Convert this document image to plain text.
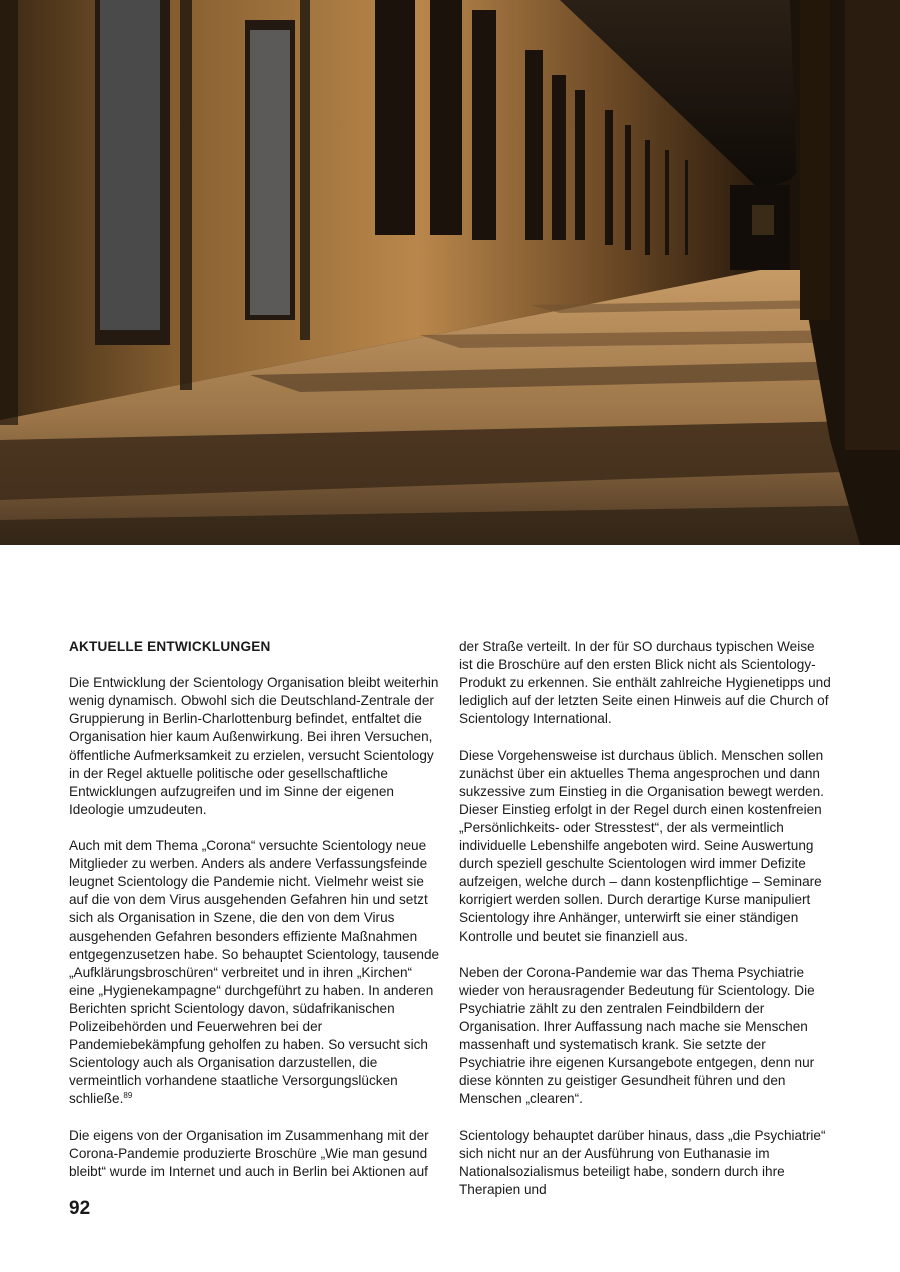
AKTUELLE ENTWICKLUNGEN

Die Entwicklung der Scientology Organisation bleibt weiterhin wenig dynamisch. Obwohl sich die Deutschland-Zentrale der Gruppierung in Berlin-Charlottenburg befindet, entfaltet die Organisation hier kaum Außenwirkung. Bei ihren Versuchen, öffentliche Aufmerksamkeit zu erzielen, versucht Scientology in der Regel aktuelle politische oder gesellschaftliche Entwicklungen aufzugreifen und im Sinne der eigenen Ideologie umzudeuten.

Auch mit dem Thema „Corona“ versuchte Scientology neue Mitglieder zu werben. Anders als andere Verfassungsfeinde leugnet Scientology die Pandemie nicht. Vielmehr weist sie auf die von dem Virus ausgehenden Gefahren hin und setzt sich als Organisation in Szene, die den von dem Virus ausgehenden Gefahren besonders effiziente Maßnahmen entgegenzusetzen habe. So behauptet Scientology, tausende „Aufklärungsbroschüren“ verbreitet und in ihren „Kirchen“ eine „Hygienekampagne“ durchgeführt zu haben. In anderen Berichten spricht Scientology davon, südafrikanischen Polizeibehörden und Feuerwehren bei der Pandemiebekämpfung geholfen zu haben. So versucht sich Scientology auch als Organisation darzustellen, die vermeintlich vorhandene staatliche Versorgungslücken schließe.$^{89}$

Die eigens von der Organisation im Zusammenhang mit der Corona-Pandemie produzierte Broschüre „Wie man gesund bleibt“ wurde im Internet und auch in Berlin bei Aktionen auf

der Straße verteilt. In der für SO durchaus typischen Weise ist die Broschüre auf den ersten Blick nicht als Scientology-Produkt zu erkennen. Sie enthält zahlreiche Hygienetipps und lediglich auf der letzten Seite einen Hinweis auf die Church of Scientology International.

Diese Vorgehensweise ist durchaus üblich. Menschen sollen zunächst über ein aktuelles Thema angesprochen und dann sukzessive zum Einstieg in die Organisation bewegt werden. Dieser Einstieg erfolgt in der Regel durch einen kostenfreien „Persönlichkeits- oder Stresstest“, der als vermeintlich individuelle Lebenshilfe angeboten wird. Seine Auswertung durch speziell geschulte Scientologen wird immer Defizite aufzeigen, welche durch – dann kostenpflichtige – Seminare korrigiert werden sollen. Durch derartige Kurse manipuliert Scientology ihre Anhänger, unterwirft sie einer ständigen Kontrolle und beutet sie finanziell aus.

Neben der Corona-Pandemie war das Thema Psychiatrie wieder von herausragender Bedeutung für Scientology. Die Psychiatrie zählt zu den zentralen Feindbildern der Organisation. Ihrer Auffassung nach mache sie Menschen massenhaft und systematisch krank. Sie setzte der Psychiatrie ihre eigenen Kursangebote entgegen, denn nur diese könnten zu geistiger Gesundheit führen und den Menschen „clearen“.

Scientology behauptet darüber hinaus, dass „die Psychiatrie“ sich nicht nur an der Ausführung von Euthanasie im Nationalsozialismus beteiligt habe, sondern durch ihre Therapien und

92
